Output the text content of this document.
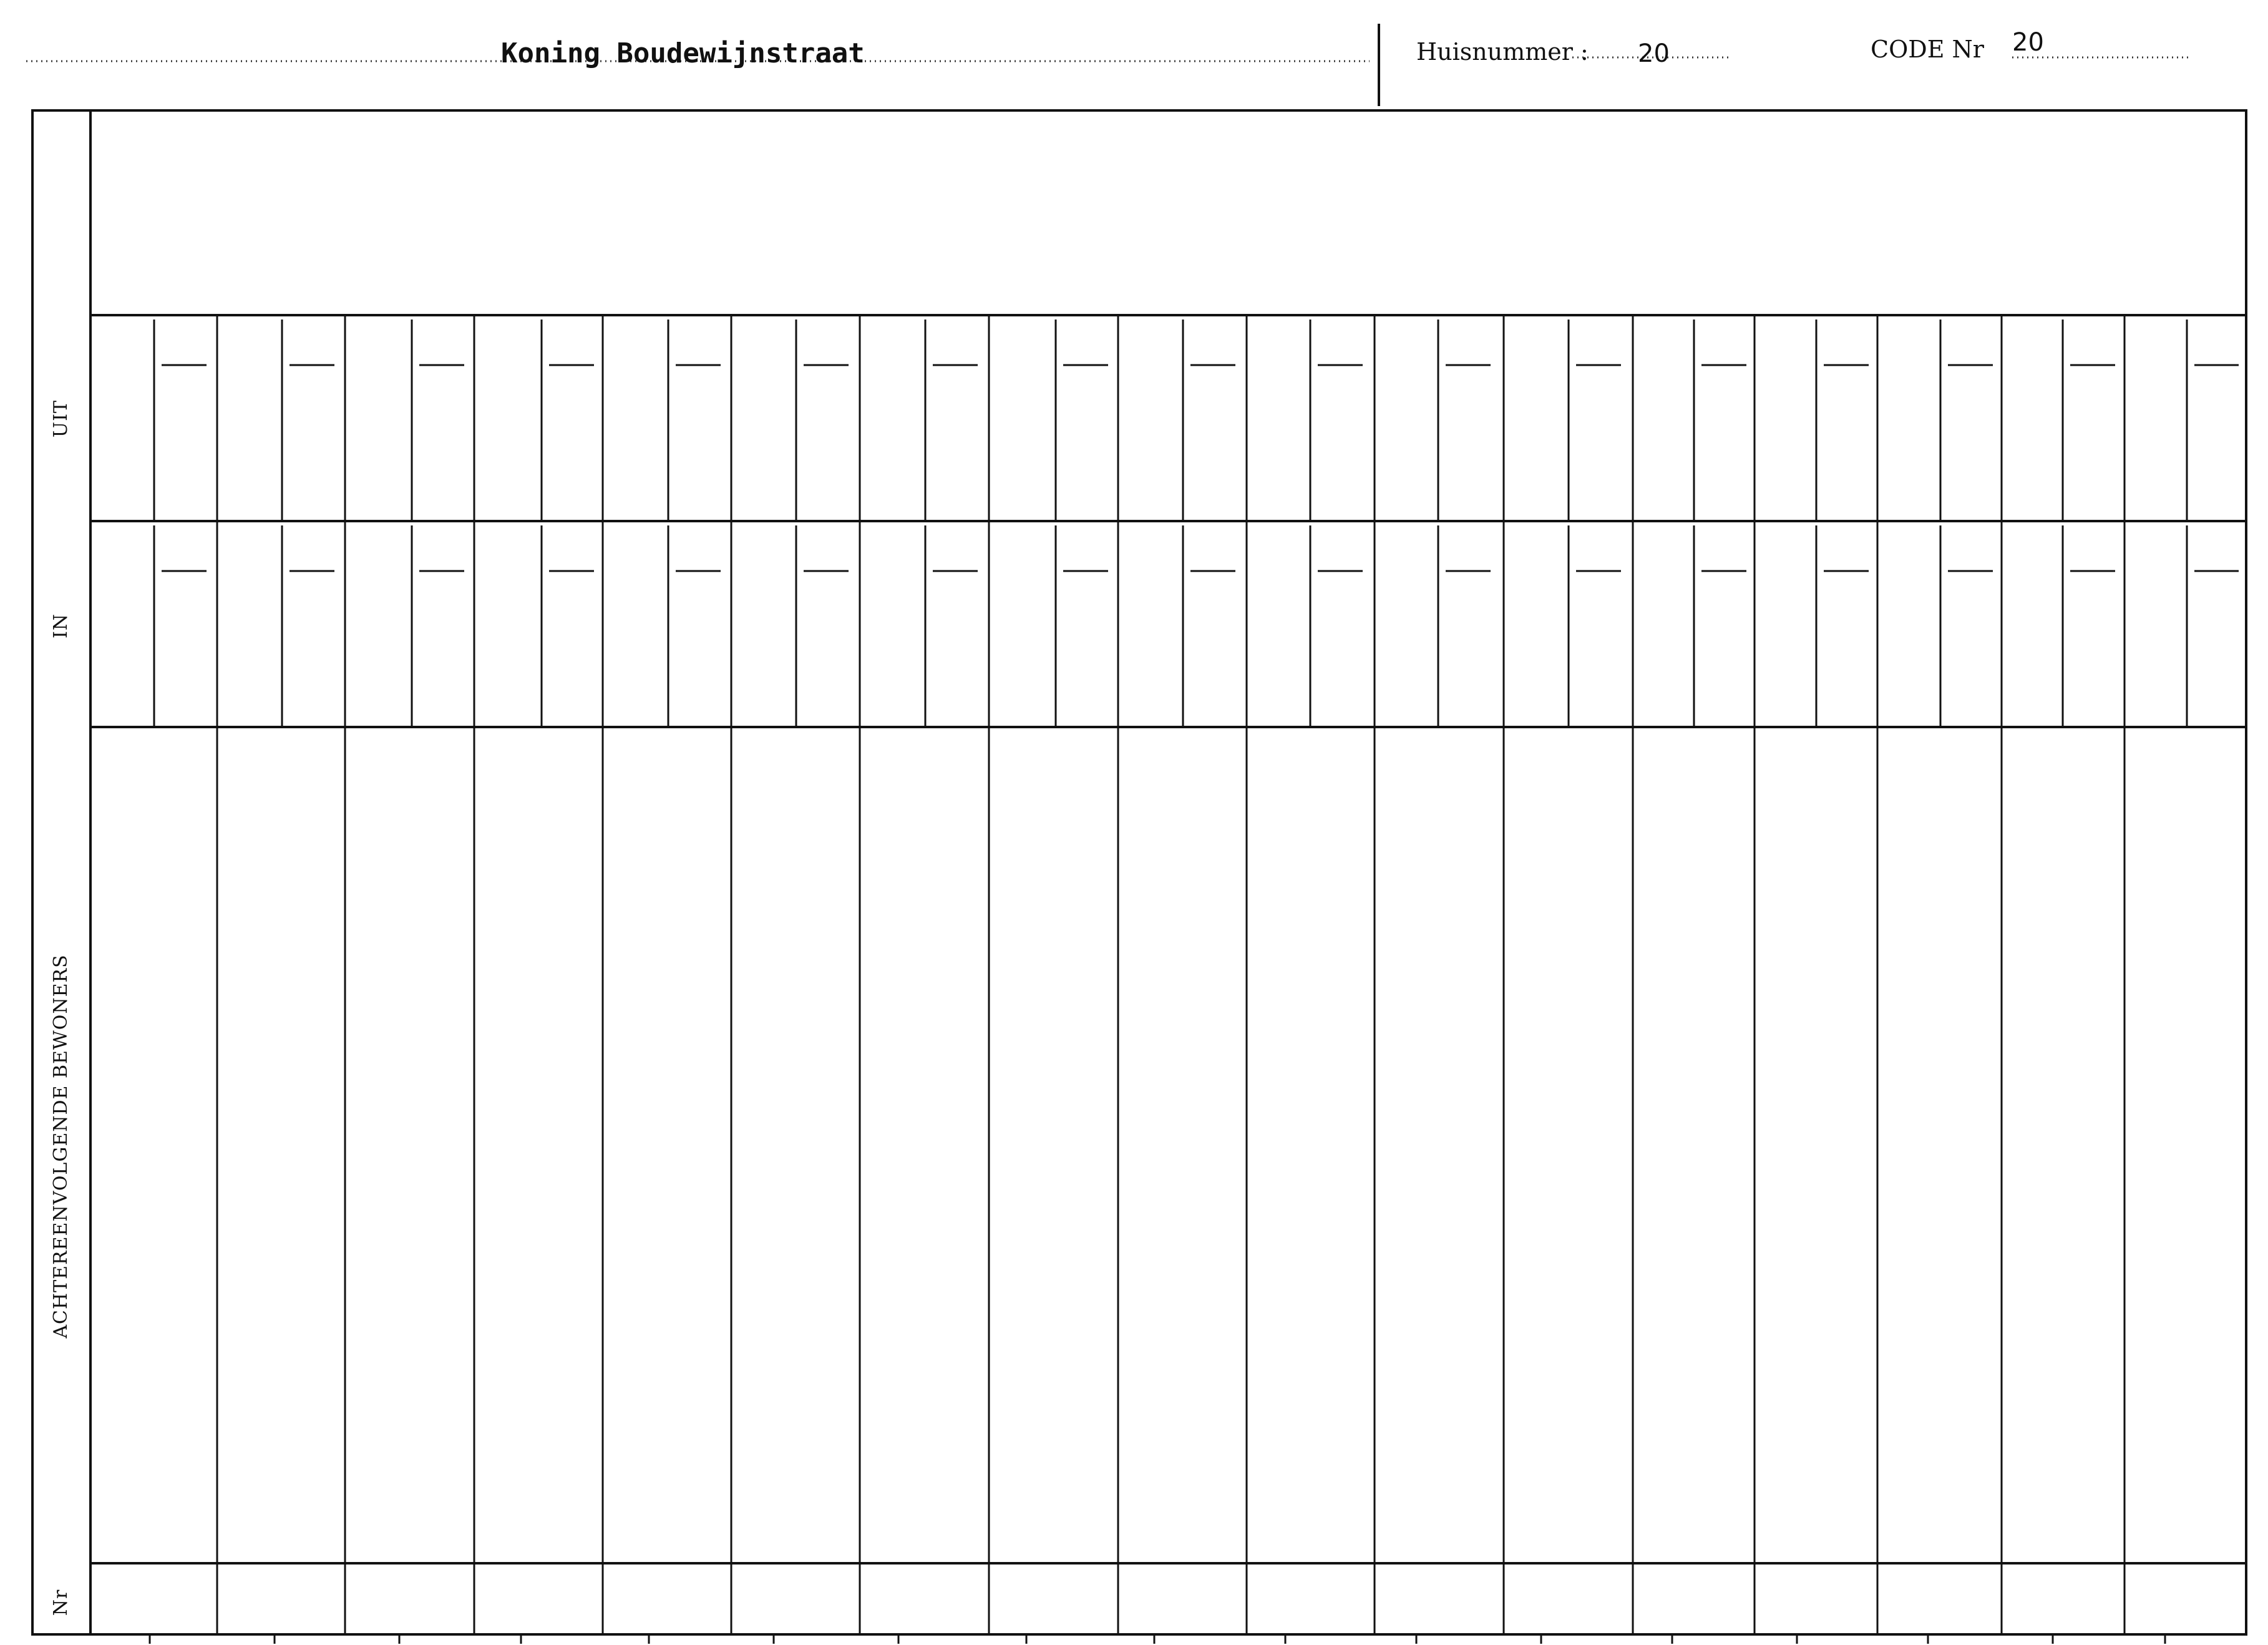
Koning Boudewijnstraat	Huisnummer : 20	CODE Nr 20
UIT
IN
ACHTEREENVOLGENDE BEWONERS
Nr
